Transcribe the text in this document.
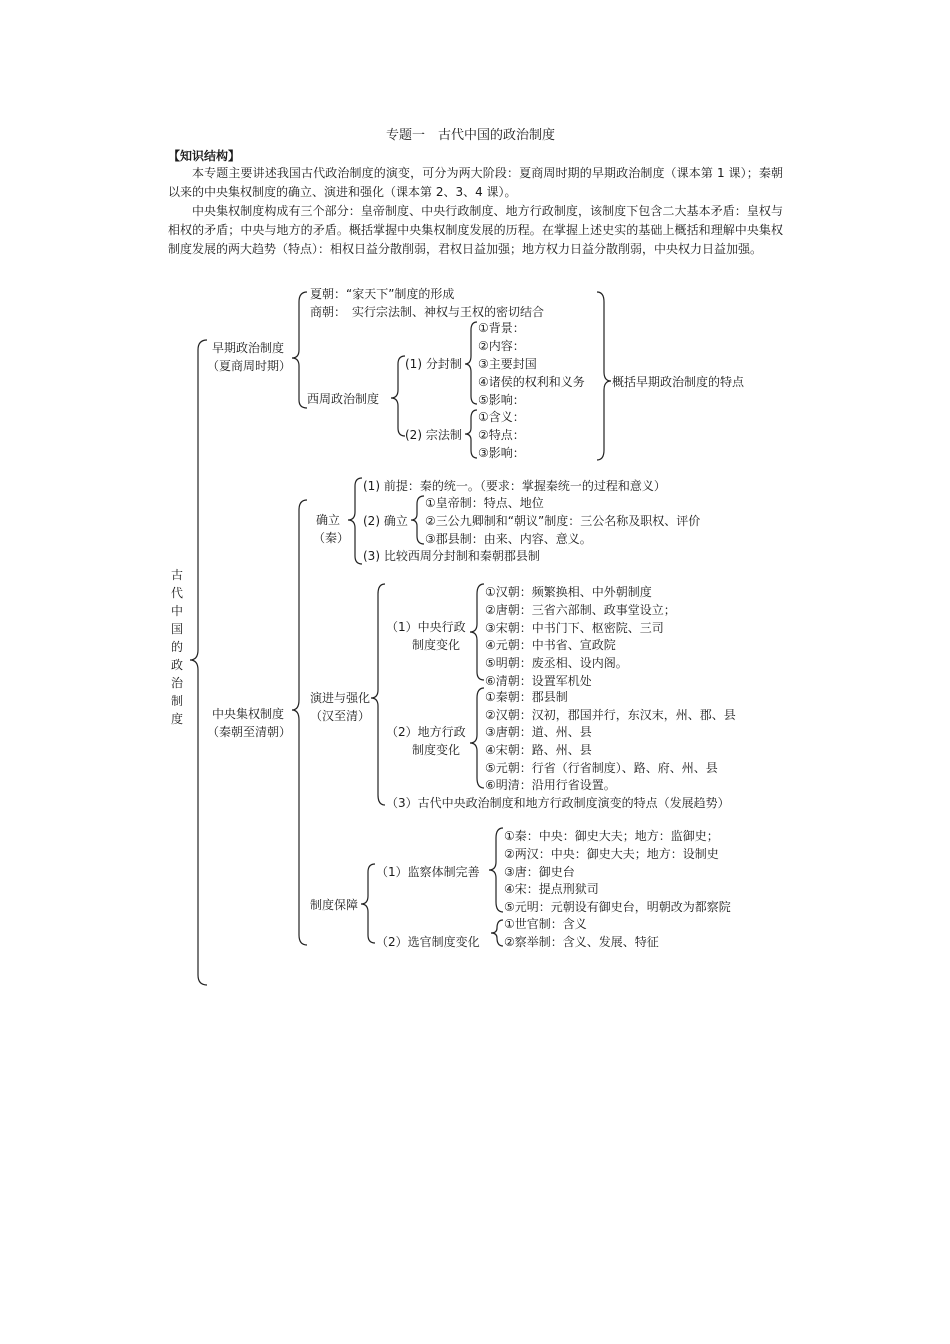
专题一　古代中国的政治制度
【知识结构】
本专题主要讲述我国古代政治制度的演变，可分为两大阶段：夏商周时期的早期政治制度（课本第 1 课）；秦朝以来的中央集权制度的确立、演进和强化（课本第 2、3、4 课）。
中央集权制度构成有三个部分：皇帝制度、中央行政制度、地方行政制度，该制度下包含二大基本矛盾：皇权与相权的矛盾；中央与地方的矛盾。概括掌握中央集权制度发展的历程。在掌握上述史实的基础上概括和理解中央集权制度发展的两大趋势（特点）：相权日益分散削弱，君权日益加强；地方权力日益分散削弱，中央权力日益加强。
古代中国的政治制度
早期政治制度
（夏商周时期）
夏朝：“家天下”制度的形成
商朝：　实行宗法制、神权与王权的密切结合
西周政治制度
(1) 分封制
①背景：
②内容：
③主要封国
④诸侯的权利和义务
⑤影响：
(2) 宗法制
①含义：
②特点：
③影响：
概括早期政治制度的特点
中央集权制度
（秦朝至清朝）
确立
（秦）
(1) 前提：秦的统一。（要求：掌握秦统一的过程和意义）
(2) 确立
①皇帝制：特点、地位
②三公九卿制和“朝议”制度：三公名称及职权、评价
③郡县制：由来、内容、意义。
(3) 比较西周分封制和秦朝郡县制
演进与强化
（汉至清）
（1）中央行政
制度变化
①汉朝：频繁换相、中外朝制度
②唐朝：三省六部制、政事堂设立；
③宋朝：中书门下、枢密院、三司
④元朝：中书省、宣政院
⑤明朝：废丞相、设内阁。
⑥清朝：设置军机处
（2）地方行政
制度变化
①秦朝：郡县制
②汉朝：汉初，郡国并行，东汉末，州、郡、县
③唐朝：道、州、县
④宋朝：路、州、县
⑤元朝：行省（行省制度）、路、府、州、县
⑥明清：沿用行省设置。
（3）古代中央政治制度和地方行政制度演变的特点（发展趋势）
制度保障
（1）监察体制完善
①秦：中央：御史大夫；地方：监御史；
②两汉：中央：御史大夫；地方：设制史
③唐：御史台
④宋：提点刑狱司
⑤元明：元朝设有御史台，明朝改为都察院
（2）选官制度变化
①世官制：含义
②察举制：含义、发展、特征
